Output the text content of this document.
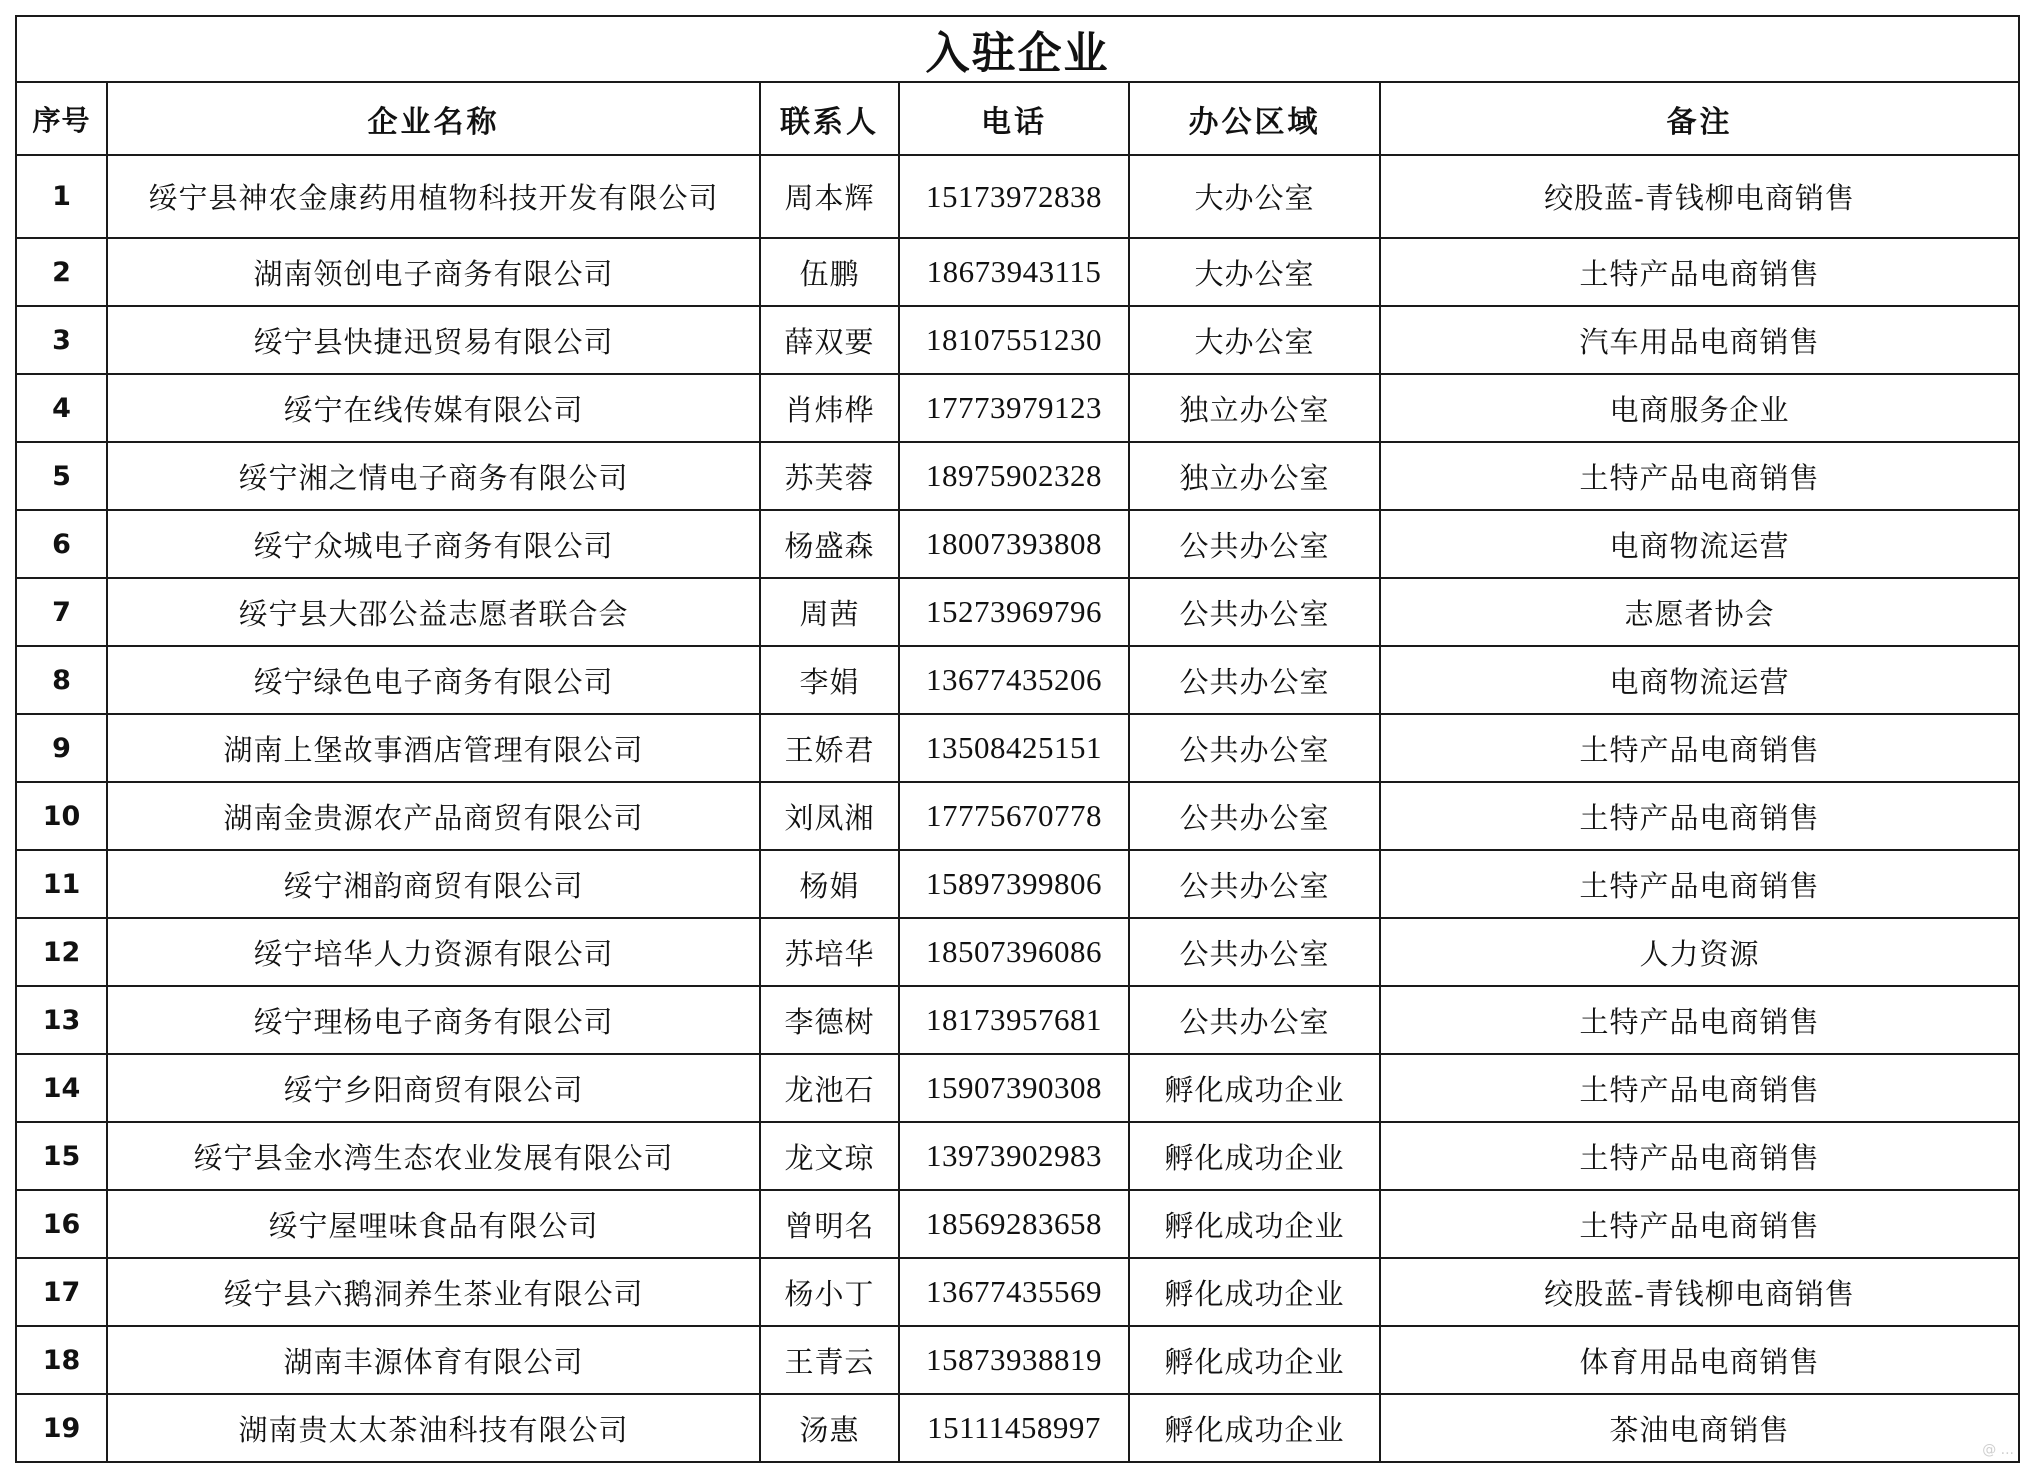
入驻企业					
序号	企业名称	联系人	电话	办公区域	备注
1	绥宁县神农金康药用植物科技开发有限公司	周本辉	15173972838	大办公室	绞股蓝-青钱柳电商销售
2	湖南领创电子商务有限公司	伍鹏	18673943115	大办公室	土特产品电商销售
3	绥宁县快捷迅贸易有限公司	薛双要	18107551230	大办公室	汽车用品电商销售
4	绥宁在线传媒有限公司	肖炜桦	17773979123	独立办公室	电商服务企业
5	绥宁湘之情电子商务有限公司	苏芙蓉	18975902328	独立办公室	土特产品电商销售
6	绥宁众城电子商务有限公司	杨盛森	18007393808	公共办公室	电商物流运营
7	绥宁县大邵公益志愿者联合会	周茜	15273969796	公共办公室	志愿者协会
8	绥宁绿色电子商务有限公司	李娟	13677435206	公共办公室	电商物流运营
9	湖南上堡故事酒店管理有限公司	王娇君	13508425151	公共办公室	土特产品电商销售
10	湖南金贵源农产品商贸有限公司	刘凤湘	17775670778	公共办公室	土特产品电商销售
11	绥宁湘韵商贸有限公司	杨娟	15897399806	公共办公室	土特产品电商销售
12	绥宁培华人力资源有限公司	苏培华	18507396086	公共办公室	人力资源
13	绥宁理杨电子商务有限公司	李德树	18173957681	公共办公室	土特产品电商销售
14	绥宁乡阳商贸有限公司	龙池石	15907390308	孵化成功企业	土特产品电商销售
15	绥宁县金水湾生态农业发展有限公司	龙文琼	13973902983	孵化成功企业	土特产品电商销售
16	绥宁屋哩味食品有限公司	曾明名	18569283658	孵化成功企业	土特产品电商销售
17	绥宁县六鹅洞养生茶业有限公司	杨小丁	13677435569	孵化成功企业	绞股蓝-青钱柳电商销售
18	湖南丰源体育有限公司	王青云	15873938819	孵化成功企业	体育用品电商销售
19	湖南贵太太茶油科技有限公司	汤惠	15111458997	孵化成功企业	茶油电商销售
@ ...
